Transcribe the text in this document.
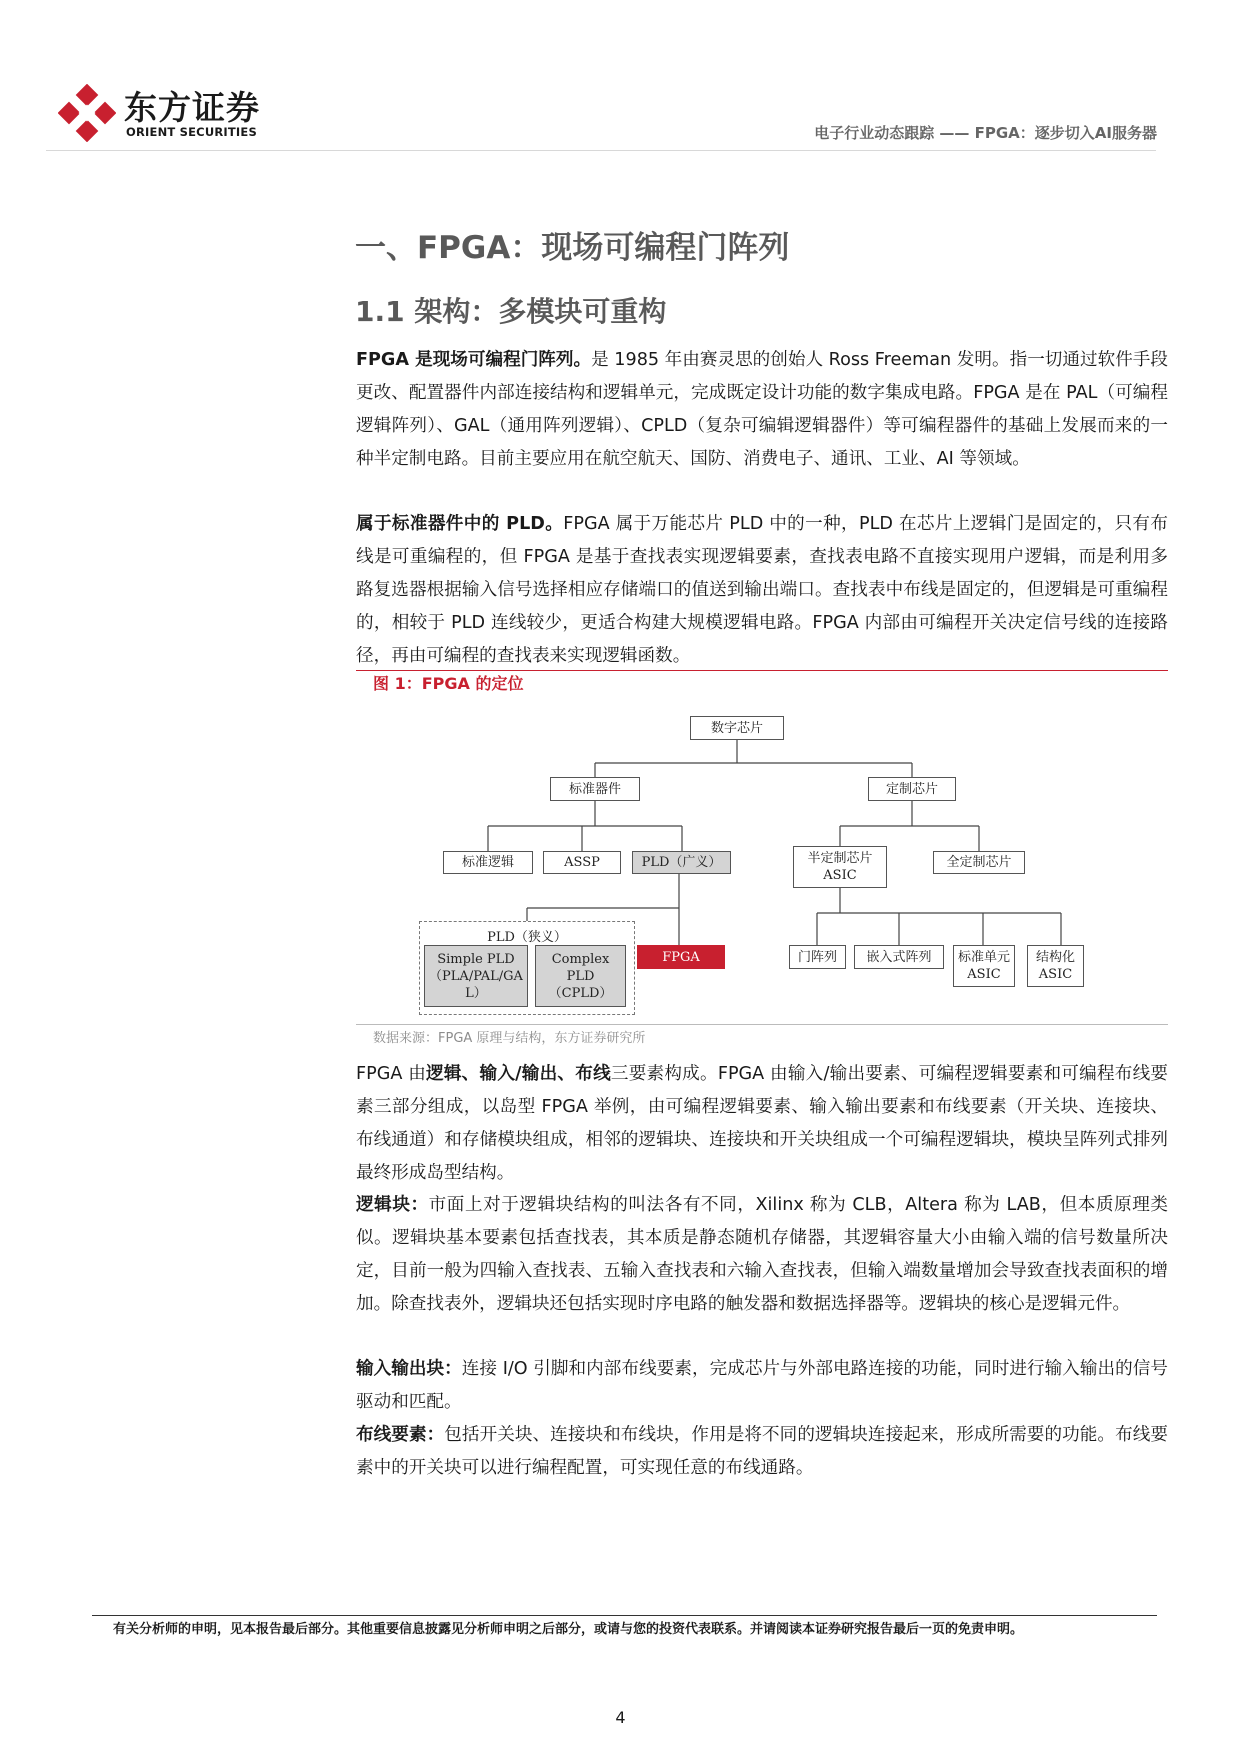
东方证券
ORIENT SECURITIES	电子行业动态跟踪 —— FPGA：逐步切入AI服务器
一、FPGA：现场可编程门阵列
1.1 架构：多模块可重构
FPGA 是现场可编程门阵列。是 1985 年由赛灵思的创始人 Ross Freeman 发明。指一切通过软件手段更改、配置器件内部连接结构和逻辑单元，完成既定设计功能的数字集成电路。FPGA 是在 PAL（可编程逻辑阵列）、GAL（通用阵列逻辑）、CPLD（复杂可编辑逻辑器件）等可编程器件的基础上发展而来的一种半定制电路。目前主要应用在航空航天、国防、消费电子、通讯、工业、AI 等领域。
属于标准器件中的 PLD。FPGA 属于万能芯片 PLD 中的一种，PLD 在芯片上逻辑门是固定的，只有布线是可重编程的，但 FPGA 是基于查找表实现逻辑要素，查找表电路不直接实现用户逻辑，而是利用多路复选器根据输入信号选择相应存储端口的值送到输出端口。查找表中布线是固定的，但逻辑是可重编程的，相较于 PLD 连线较少，更适合构建大规模逻辑电路。FPGA 内部由可编程开关决定信号线的连接路径，再由可编程的查找表来实现逻辑函数。
图 1：FPGA 的定位
数字芯片
标准器件	定制芯片
标准逻辑	ASSP	PLD（广义）	半定制芯片
ASIC
全定制芯片
PLD（狭义）
Simple PLD
（PLA/PAL/GA
L）
Complex
PLD
（CPLD）
FPGA	门阵列	嵌入式阵列	标准单元
ASIC
结构化
ASIC
数据来源：FPGA 原理与结构，东方证券研究所
FPGA 由逻辑、输入/输出、布线三要素构成。FPGA 由输入/输出要素、可编程逻辑要素和可编程布线要素三部分组成，以岛型 FPGA 举例，由可编程逻辑要素、输入输出要素和布线要素（开关块、连接块、布线通道）和存储模块组成，相邻的逻辑块、连接块和开关块组成一个可编程逻辑块，模块呈阵列式排列最终形成岛型结构。
逻辑块：市面上对于逻辑块结构的叫法各有不同，Xilinx 称为 CLB，Altera 称为 LAB，但本质原理类似。逻辑块基本要素包括查找表，其本质是静态随机存储器，其逻辑容量大小由输入端的信号数量所决定，目前一般为四输入查找表、五输入查找表和六输入查找表，但输入端数量增加会导致查找表面积的增加。除查找表外，逻辑块还包括实现时序电路的触发器和数据选择器等。逻辑块的核心是逻辑元件。
输入输出块：连接 I/O 引脚和内部布线要素，完成芯片与外部电路连接的功能，同时进行输入输出的信号驱动和匹配。
布线要素：包括开关块、连接块和布线块，作用是将不同的逻辑块连接起来，形成所需要的功能。布线要素中的开关块可以进行编程配置，可实现任意的布线通路。
有关分析师的申明，见本报告最后部分。其他重要信息披露见分析师申明之后部分，或请与您的投资代表联系。并请阅读本证券研究报告最后一页的免责申明。
4
